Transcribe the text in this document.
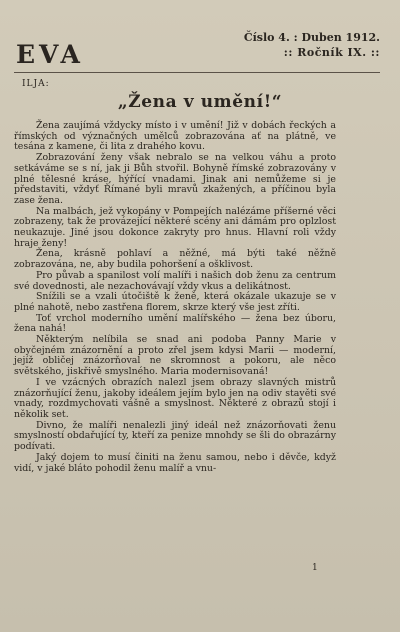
EVA
Číslo 4. : Duben 1912.
:: Ročník IX. ::
ILJA:
„Žena v umění!“

Žena zaujímá vždycky místo i v umění! Již v dobách řeckých a římských od význačných umělců zobrazována ať na plátně, ve tesána z kamene, či lita z drahého kovu.

Zobrazování ženy však nebralo se na velkou váhu a proto setkáváme se s ní, jak ji Bůh stvořil. Bohyně římské zobrazovány v plné tělesné kráse, hýřící vnadami. Jinak ani nemůžeme si je představiti, vždyť Římané byli mravů zkažených, a příčinou byla zase žena.

Na malbách, jež vykopány v Pompejích nalézáme příšerné věci zobrazeny, tak že provázející některé scény ani dámám pro oplzlost neukazuje. Jiné jsou dokonce zakryty pro hnus. Hlavní roli vždy hraje ženy!

Žena, krásně pohlaví a něžné, má býti také něžně zobrazována, ne, aby budila pohoršení a ošklivost.

Pro půvab a spanilost volí malíři i našich dob ženu za centrum své dovednosti, ale nezachovávají vždy vkus a delikátnost.

Snížili se a vzali útočiště k ženě, která okázale ukazuje se v plné nahotě, nebo zastřena florem, skrze který vše jest zříti.

Toť vrchol moderního umění malířského — žena bez úboru, žena nahá!

Některým nelíbila se snad ani podoba Panny Marie v obyčejném znázornění a proto zřel jsem kdysi Marii — moderní, jejíž obličej znázorňoval ne skromnost a pokoru, ale něco světského, jiskřivě smyslného. Maria modernisovaná!

I ve vzácných obrazích nalezl jsem obrazy slavných mistrů znázorňující ženu, jakoby ideálem jejím bylo jen na odiv stavěti své vnady, rozdmychovati vášně a smyslnost. Některé z obrazů stojí i několik set.

Divno, že malíři nenalezli jiný ideál než znázorňovati ženu smyslností obdařující ty, kteří za penize mnohdy se šli do obrazárny podívati.

Jaký dojem to musí činiti na ženu samou, nebo i děvče, když vidí, v jaké bláto pohodil ženu malíř a vnu-

1
